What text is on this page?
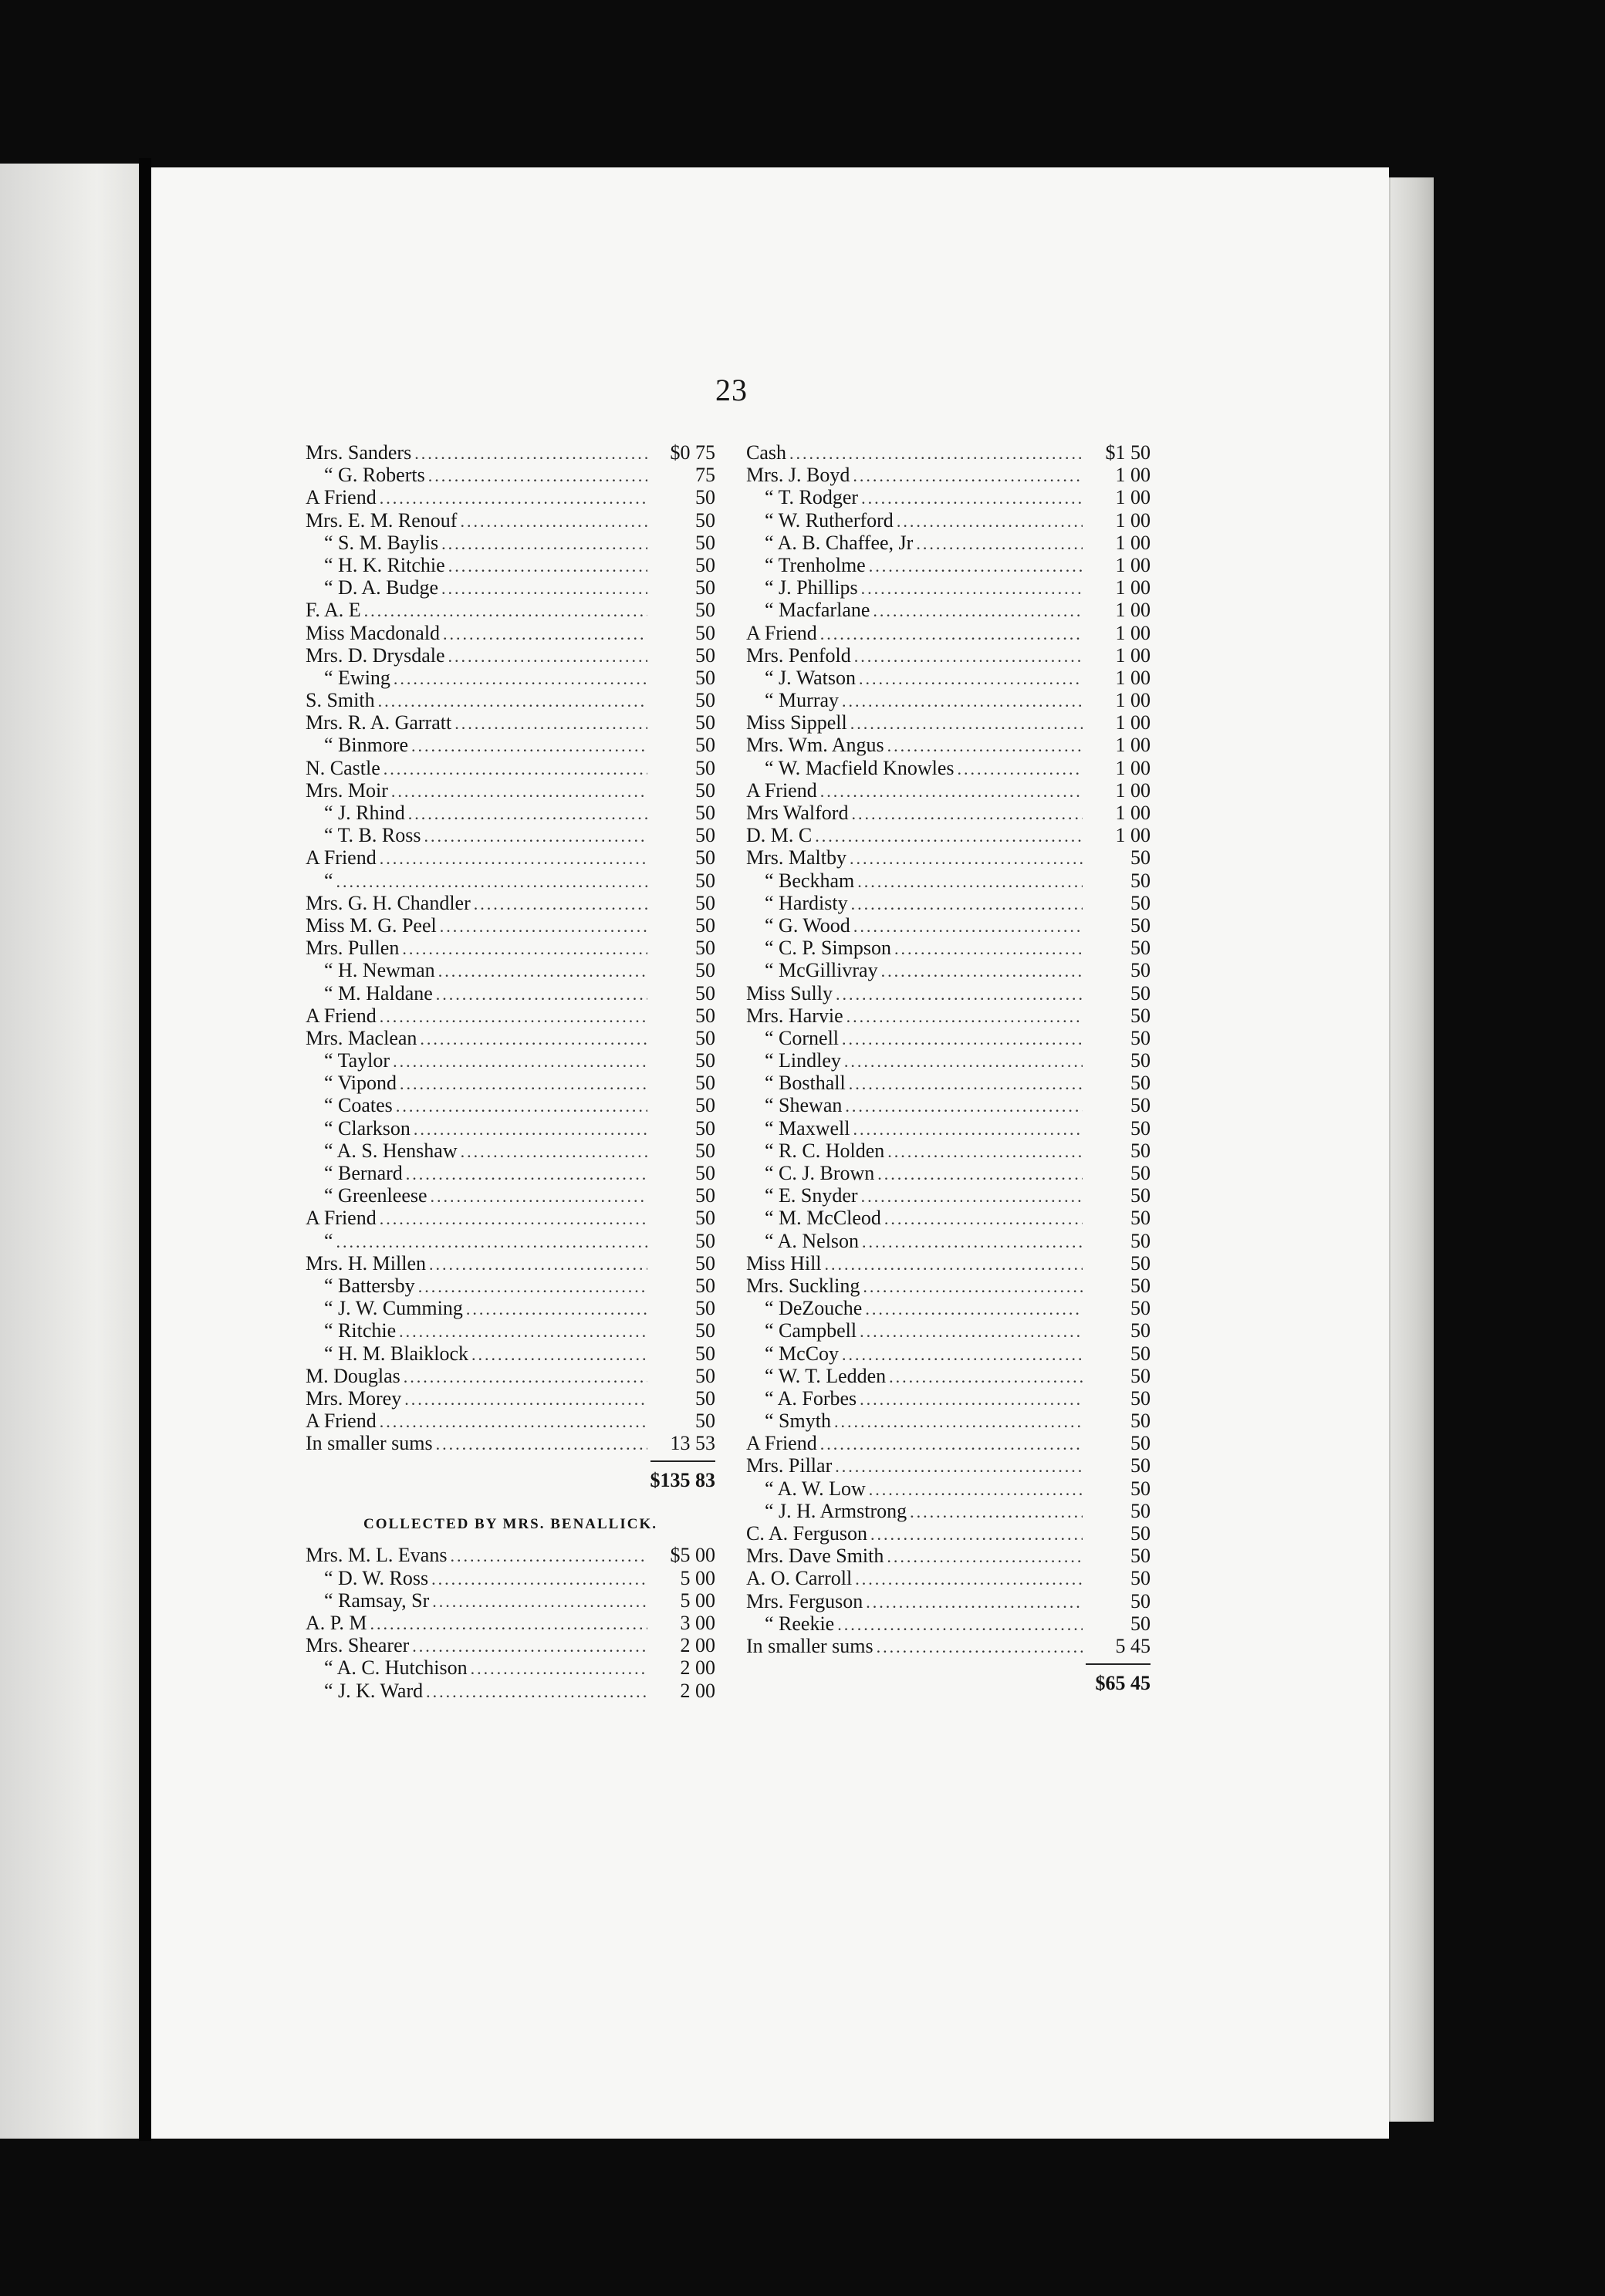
23
Mrs. Sanders .....	$0 75
“ G. Roberts .....	75
A Friend .....	50
Mrs. E. M. Renouf .....	50
“ S. M. Baylis .....	50
“ H. K. Ritchie .....	50
“ D. A. Budge .....	50
F. A. E .....	50
Miss Macdonald .....	50
Mrs. D. Drysdale .....	50
“ Ewing .....	50
S. Smith .....	50
Mrs. R. A. Garratt .....	50
“ Binmore .....	50
N. Castle .....	50
Mrs. Moir .....	50
“ J. Rhind .....	50
“ T. B. Ross .....	50
A Friend .....	50
“ .....	50
Mrs. G. H. Chandler .....	50
Miss M. G. Peel .....	50
Mrs. Pullen .....	50
“ H. Newman .....	50
“ M. Haldane .....	50
A Friend .....	50
Mrs. Maclean .....	50
“ Taylor .....	50
“ Vipond .....	50
“ Coates .....	50
“ Clarkson .....	50
“ A. S. Henshaw .....	50
“ Bernard .....	50
“ Greenleese .....	50
A Friend .....	50
“ .....	50
Mrs. H. Millen .....	50
“ Battersby .....	50
“ J. W. Cumming .....	50
“ Ritchie .....	50
“ H. M. Blaiklock .....	50
M. Douglas .....	50
Mrs. Morey .....	50
A Friend .....	50
In smaller sums .....	13 53
$135 83
COLLECTED BY MRS. BENALLICK.
Mrs. M. L. Evans .....	$5 00
“ D. W. Ross .....	5 00
“ Ramsay, Sr .....	5 00
A. P. M .....	3 00
Mrs. Shearer .....	2 00
“ A. C. Hutchison .....	2 00
“ J. K. Ward .....	2 00
Cash .....	$1 50
Mrs. J. Boyd .....	1 00
“ T. Rodger .....	1 00
“ W. Rutherford .....	1 00
“ A. B. Chaffee, Jr .....	1 00
“ Trenholme .....	1 00
“ J. Phillips .....	1 00
“ Macfarlane .....	1 00
A Friend .....	1 00
Mrs. Penfold .....	1 00
“ J. Watson .....	1 00
“ Murray .....	1 00
Miss Sippell .....	1 00
Mrs. Wm. Angus .....	1 00
“ W. Macfield Knowles .....	1 00
A Friend .....	1 00
Mrs Walford .....	1 00
D. M. C .....	1 00
Mrs. Maltby .....	50
“ Beckham .....	50
“ Hardisty .....	50
“ G. Wood .....	50
“ C. P. Simpson .....	50
“ McGillivray .....	50
Miss Sully .....	50
Mrs. Harvie .....	50
“ Cornell .....	50
“ Lindley .....	50
“ Bosthall .....	50
“ Shewan .....	50
“ Maxwell .....	50
“ R. C. Holden .....	50
“ C. J. Brown .....	50
“ E. Snyder .....	50
“ M. McCleod .....	50
“ A. Nelson .....	50
Miss Hill .....	50
Mrs. Suckling .....	50
“ DeZouche .....	50
“ Campbell .....	50
“ McCoy .....	50
“ W. T. Ledden .....	50
“ A. Forbes .....	50
“ Smyth .....	50
A Friend .....	50
Mrs. Pillar .....	50
“ A. W. Low .....	50
“ J. H. Armstrong .....	50
C. A. Ferguson .....	50
Mrs. Dave Smith .....	50
A. O. Carroll .....	50
Mrs. Ferguson .....	50
“ Reekie .....	50
In smaller sums .....	5 45
$65 45
